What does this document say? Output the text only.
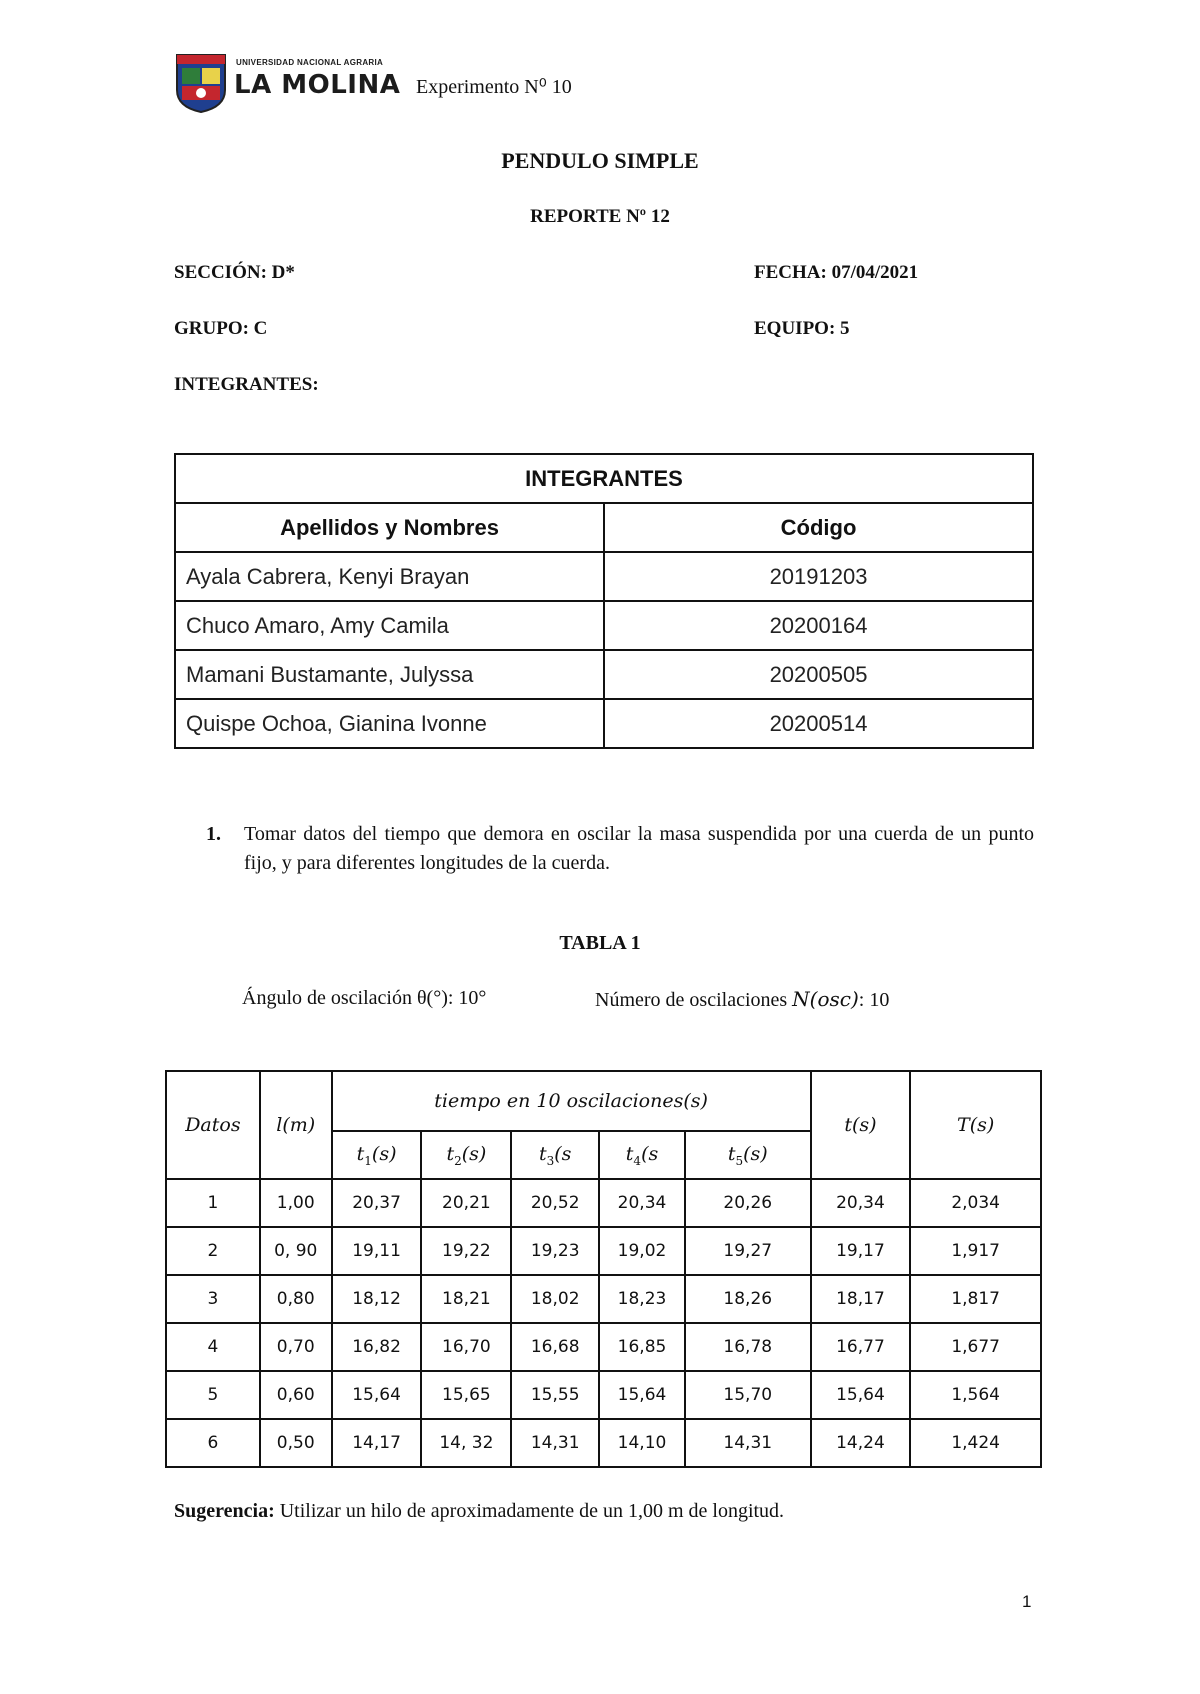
UNIVERSIDAD NACIONAL AGRARIA
LA MOLINA Experimento N⁰ 10
PENDULO SIMPLE
REPORTE Nº 12
SECCIÓN: D*	FECHA: 07/04/2021
GRUPO: C	EQUIPO: 5
INTEGRANTES:
INTEGRANTES	
Apellidos y Nombres	Código
Ayala Cabrera, Kenyi Brayan	20191203
Chuco Amaro, Amy Camila	20200164
Mamani Bustamante, Julyssa	20200505
Quispe Ochoa, Gianina Ivonne	20200514
1. Tomar datos del tiempo que demora en oscilar la masa suspendida por una cuerda de un punto fijo, y para diferentes longitudes de la cuerda.
TABLA 1
Ángulo de oscilación θ(°): 10°	Número de oscilaciones N(osc): 10
Datos	l(m)	tiempo en 10 oscilaciones(s)					t(s)	T(s)
		$t_1(s)$	$t_2(s)$	$t_3(s$	$t_4(s$	$t_5(s)$		
1	1,00	20,37	20,21	20,52	20,34	20,26	20,34	2,034
2	0, 90	19,11	19,22	19,23	19,02	19,27	19,17	1,917
3	0,80	18,12	18,21	18,02	18,23	18,26	18,17	1,817
4	0,70	16,82	16,70	16,68	16,85	16,78	16,77	1,677
5	0,60	15,64	15,65	15,55	15,64	15,70	15,64	1,564
6	0,50	14,17	14, 32	14,31	14,10	14,31	14,24	1,424
Sugerencia: Utilizar un hilo de aproximadamente de un 1,00 m de longitud.
1
